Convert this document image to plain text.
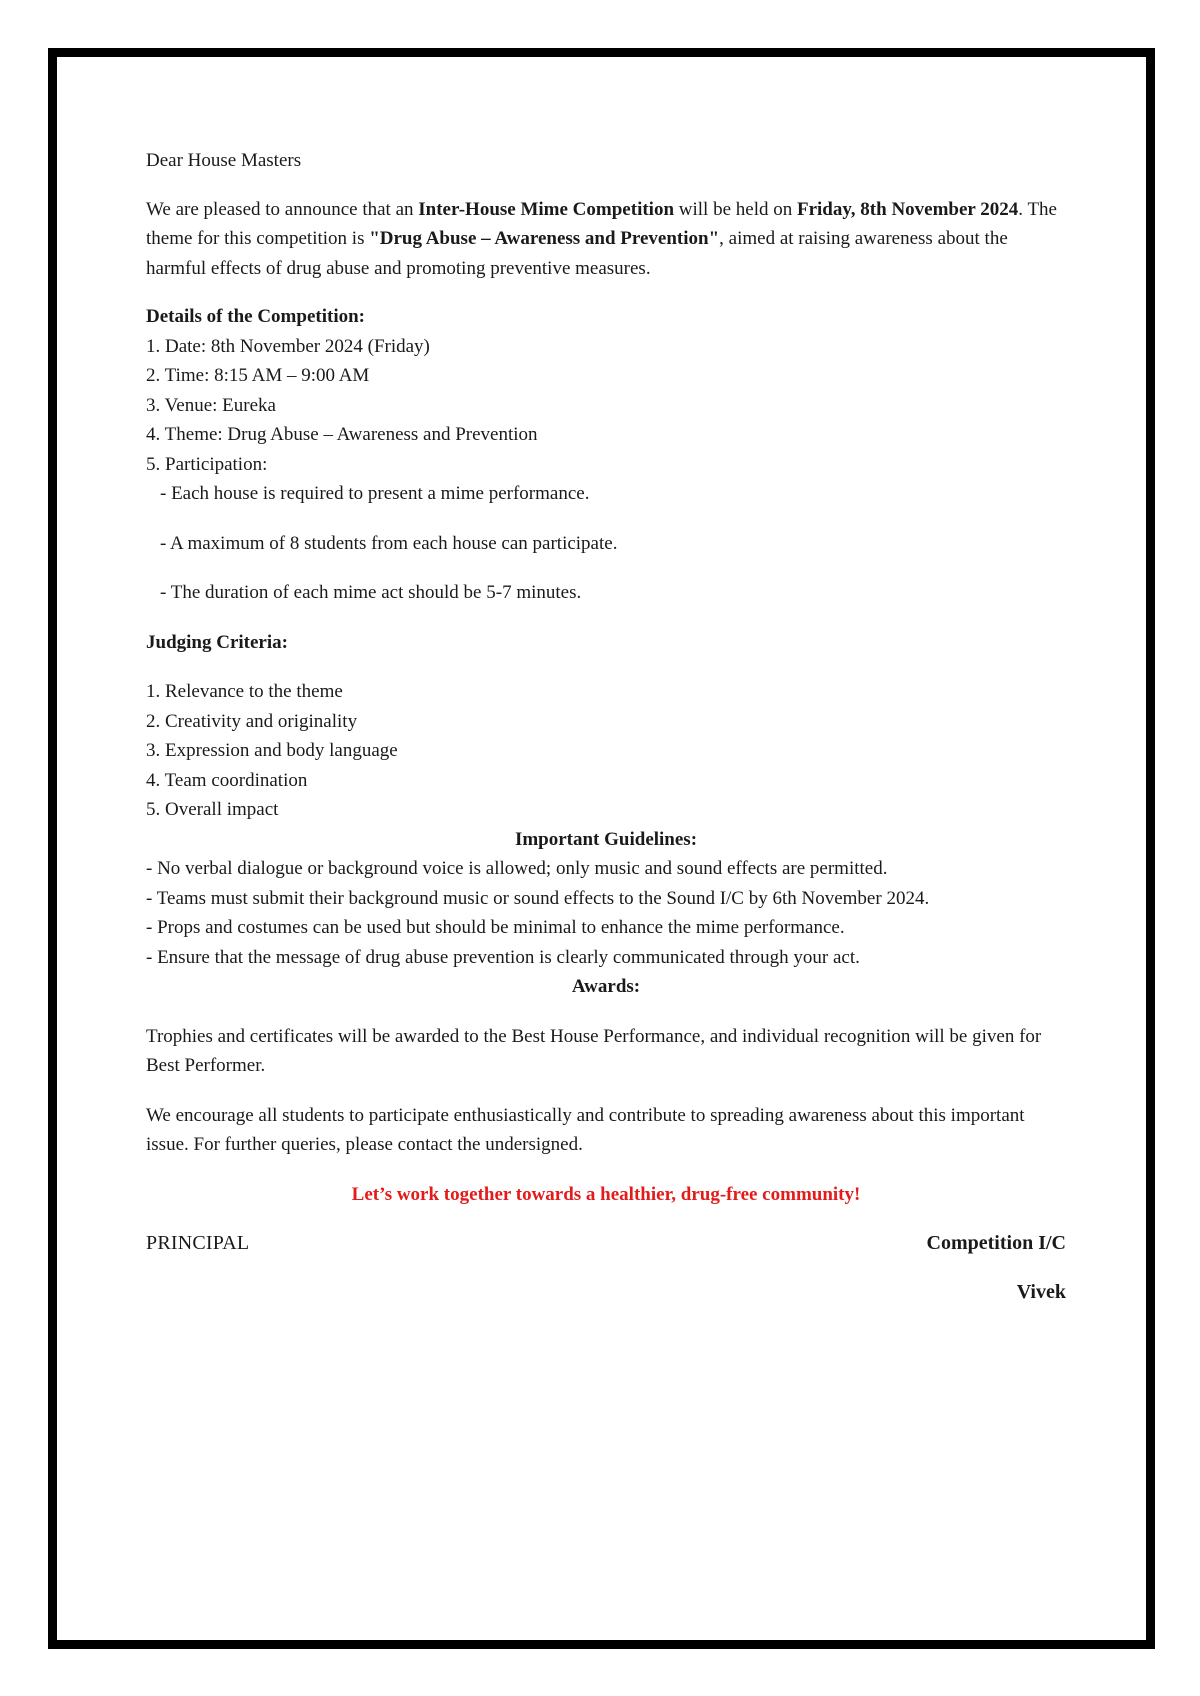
Dear House Masters

We are pleased to announce that an Inter-House Mime Competition will be held on Friday, 8th November 2024. The theme for this competition is "Drug Abuse – Awareness and Prevention", aimed at raising awareness about the harmful effects of drug abuse and promoting preventive measures.

Details of the Competition:

1. Date: 8th November 2024 (Friday)

2. Time: 8:15 AM – 9:00 AM

3. Venue: Eureka

4. Theme: Drug Abuse – Awareness and Prevention

5. Participation:

- Each house is required to present a mime performance.

- A maximum of 8 students from each house can participate.

- The duration of each mime act should be 5-7 minutes.

Judging Criteria:

1. Relevance to the theme

2. Creativity and originality

3. Expression and body language

4. Team coordination

5. Overall impact

Important Guidelines:

- No verbal dialogue or background voice is allowed; only music and sound effects are permitted.

- Teams must submit their background music or sound effects to the Sound I/C by 6th November 2024.

- Props and costumes can be used but should be minimal to enhance the mime performance.

- Ensure that the message of drug abuse prevention is clearly communicated through your act.

Awards:

Trophies and certificates will be awarded to the Best House Performance, and individual recognition will be given for Best Performer.

We encourage all students to participate enthusiastically and contribute to spreading awareness about this important issue. For further queries, please contact the undersigned.

Let’s work together towards a healthier, drug-free community!

PRINCIPAL	Competition I/C

Vivek
